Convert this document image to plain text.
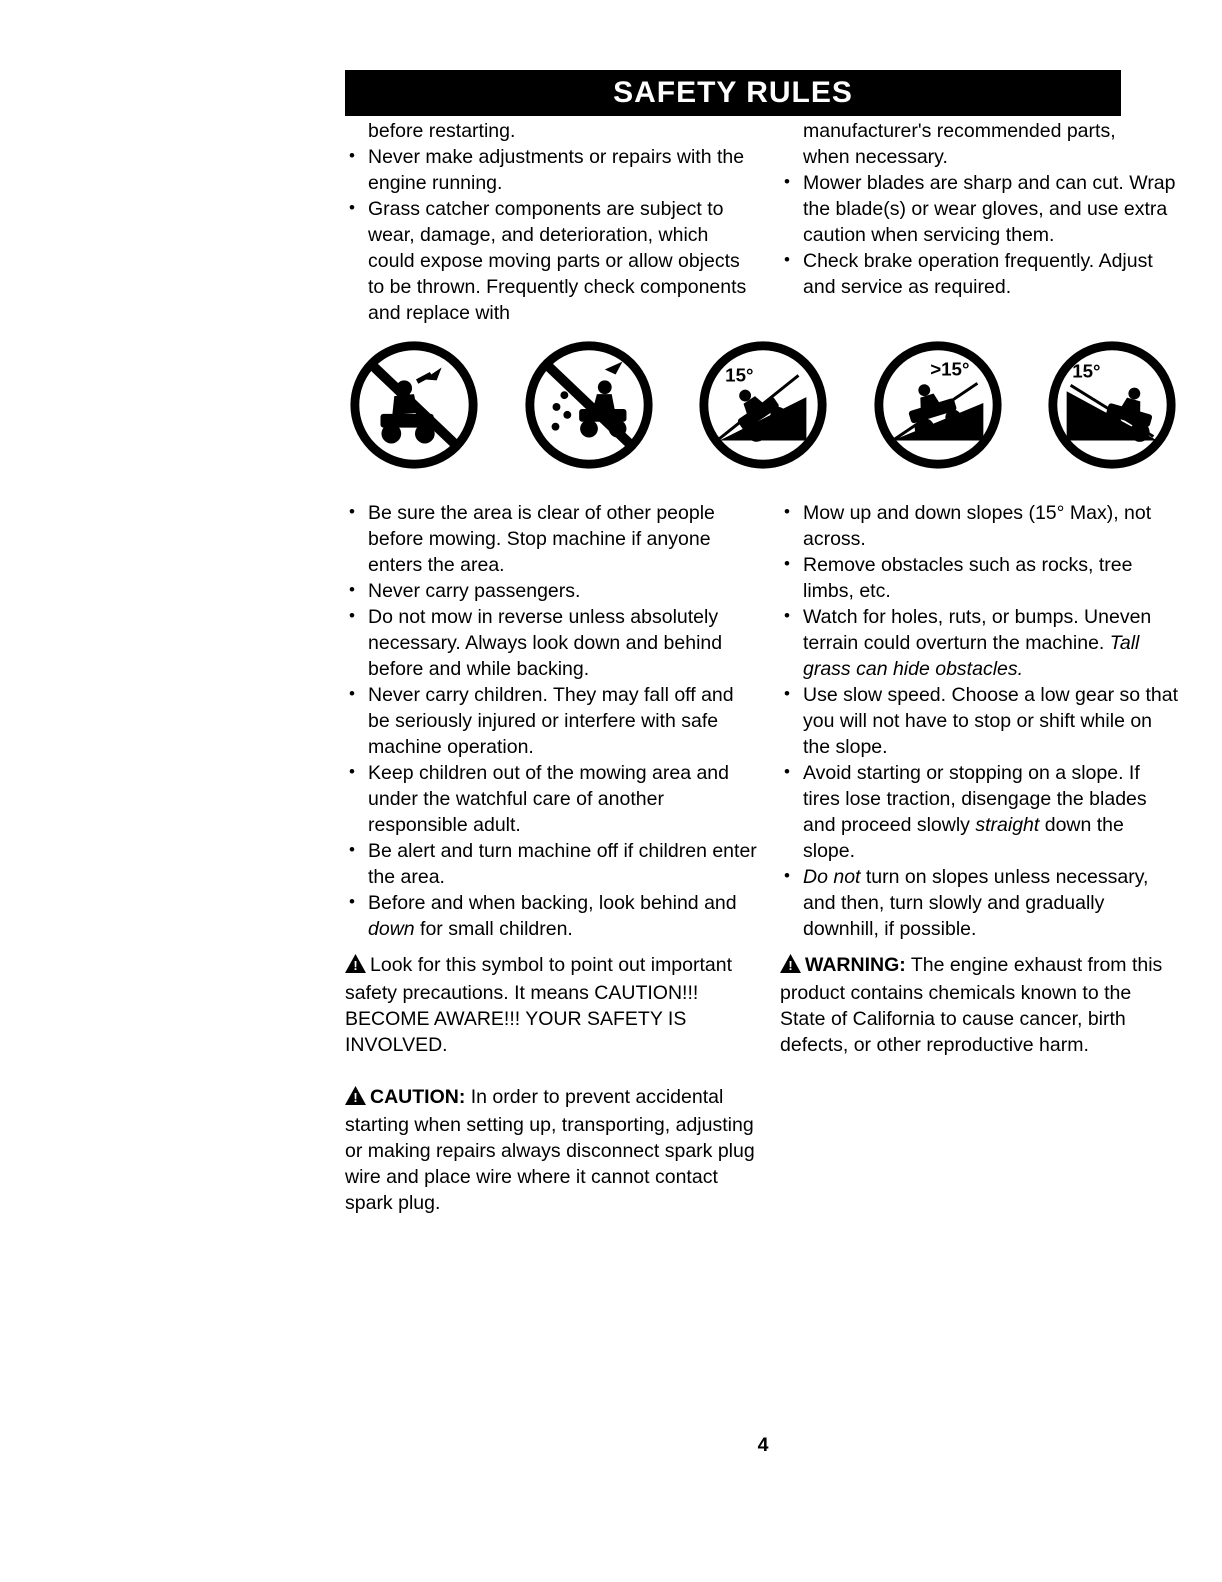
SAFETY RULES

before restarting.

• Never make adjustments or repairs with the engine running.
• Grass catcher components are subject to wear, damage, and deterioration, which could expose moving parts or allow objects to be thrown. Frequently check components and replace with

manufacturer's recommended parts, when necessary.

• Mower blades are sharp and can cut. Wrap the blade(s) or wear gloves, and use extra caution when servicing them.
• Check brake operation frequently. Adjust and service as required.
15°	>15°	15°
• Be sure the area is clear of other people before mowing. Stop machine if anyone enters the area.
• Never carry passengers.
• Do not mow in reverse unless absolutely necessary. Always look down and behind before and while backing.
• Never carry children. They may fall off and be seriously injured or interfere with safe machine operation.
• Keep children out of the mowing area and under the watchful care of another responsible adult.
• Be alert and turn machine off if children enter the area.
• Before and when backing, look behind and down for small children.
• Mow up and down slopes (15° Max), not across.
• Remove obstacles such as rocks, tree limbs, etc.
• Watch for holes, ruts, or bumps. Uneven terrain could overturn the machine. Tall grass can hide obstacles.
• Use slow speed. Choose a low gear so that you will not have to stop or shift while on the slope.
• Avoid starting or stopping on a slope. If tires lose traction, disengage the blades and proceed slowly straight down the slope.
• Do not turn on slopes unless necessary, and then, turn slowly and gradually downhill, if possible.

! Look for this symbol to point out important safety precautions. It means CAUTION!!! BECOME AWARE!!! YOUR SAFETY IS INVOLVED.

! CAUTION: In order to prevent accidental starting when setting up, transporting, adjusting or making repairs always disconnect spark plug wire and place wire where it cannot contact spark plug.

! WARNING: The engine exhaust from this product contains chemicals known to the State of California to cause cancer, birth defects, or other reproductive harm.

4
